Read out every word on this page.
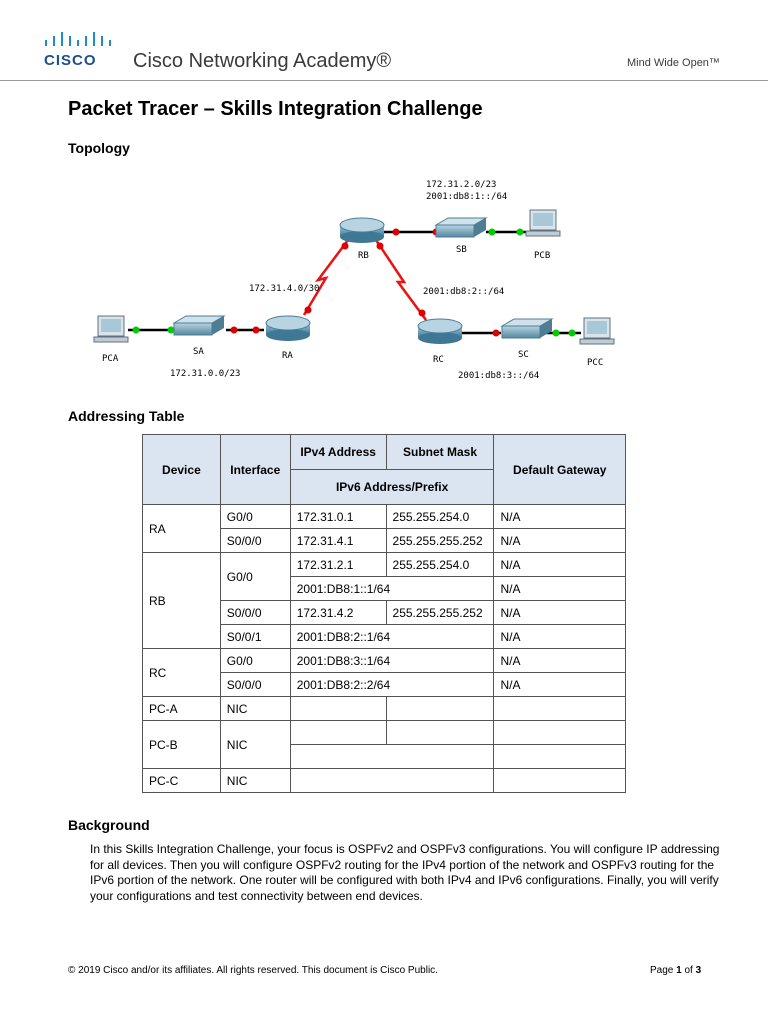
CISCO Cisco Networking Academy®	Mind Wide Open™
Packet Tracer – Skills Integration Challenge
Topology
172.31.2.0/23
2001:db8:1::/64
RB
SB
PCB
172.31.4.0/30	2001:db8:2::/64
PCA
SA	RA	RC	SC
PCC
172.31.0.0/23	2001:db8:3::/64
Addressing Table
Device	Interface	IPv4 Address	Subnet Mask	Default Gateway
		IPv6 Address/Prefix		
RA	G0/0	172.31.0.1	255.255.254.0	N/A
	S0/0/0	172.31.4.1	255.255.255.252	N/A
RB	G0/0	172.31.2.1	255.255.254.0	N/A
		2001:DB8:1::1/64		N/A
	S0/0/0	172.31.4.2	255.255.255.252	N/A
	S0/0/1	2001:DB8:2::1/64		N/A
RC	G0/0	2001:DB8:3::1/64		N/A
	S0/0/0	2001:DB8:2::2/64		N/A
PC-A	NIC			
PC-B	NIC			

PC-C	NIC			
Background
In this Skills Integration Challenge, your focus is OSPFv2 and OSPFv3 configurations. You will configure IP addressing for all devices. Then you will configure OSPFv2 routing for the IPv4 portion of the network and OSPFv3 routing for the IPv6 portion of the network. One router will be configured with both IPv4 and IPv6 configurations. Finally, you will verify your configurations and test connectivity between end devices.
© 2019 Cisco and/or its affiliates. All rights reserved. This document is Cisco Public.	Page 1 of 3
